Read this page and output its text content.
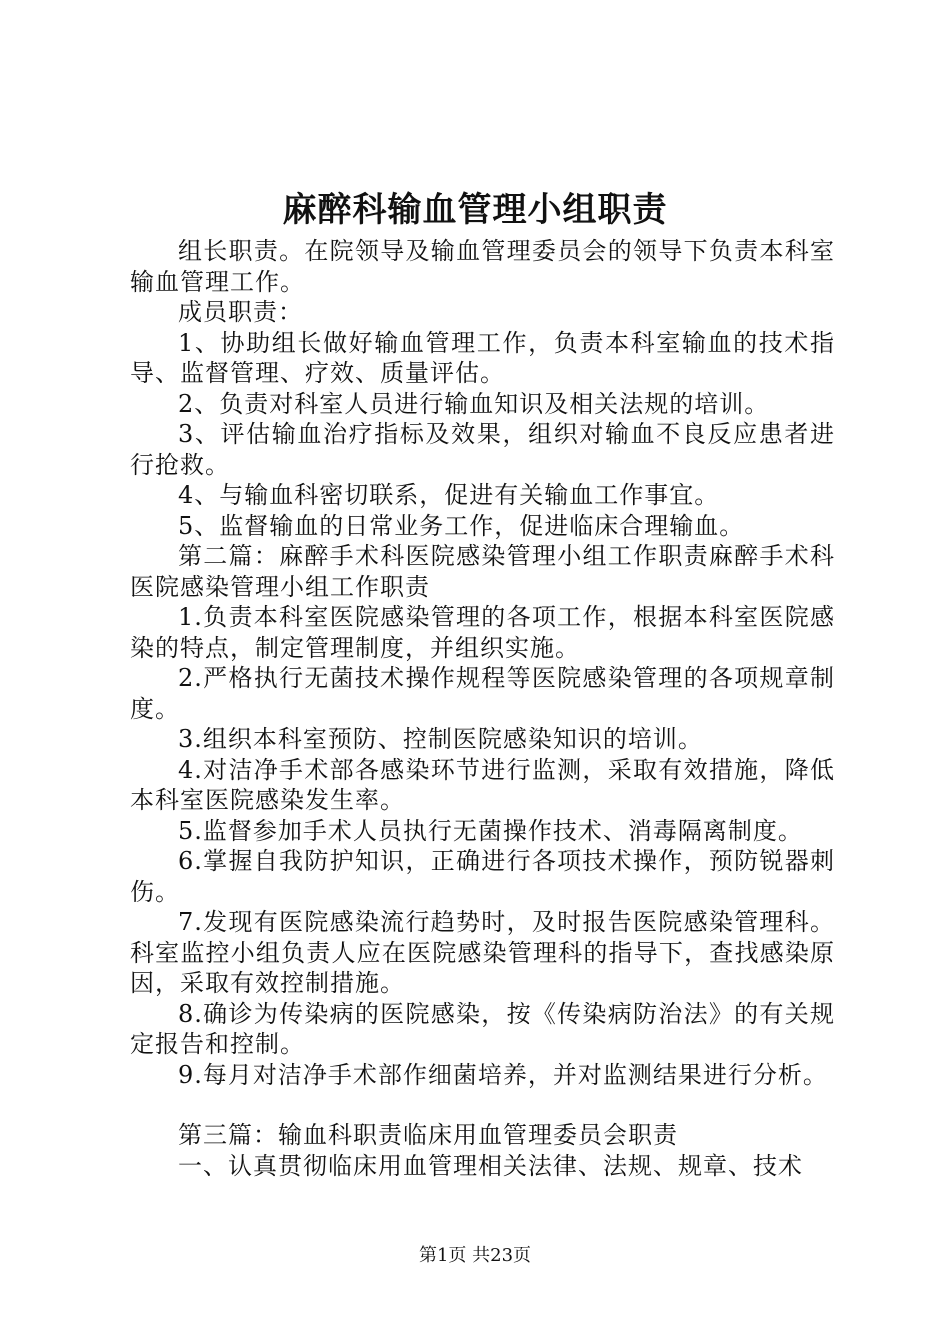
麻醉科输血管理小组职责

组长职责。在院领导及输血管理委员会的领导下负责本科室输血管理工作。

成员职责：

1、协助组长做好输血管理工作，负责本科室输血的技术指导、监督管理、疗效、质量评估。

2、负责对科室人员进行输血知识及相关法规的培训。

3、评估输血治疗指标及效果，组织对输血不良反应患者进行抢救。

4、与输血科密切联系，促进有关输血工作事宜。

5、监督输血的日常业务工作，促进临床合理输血。

第二篇：麻醉手术科医院感染管理小组工作职责麻醉手术科医院感染管理小组工作职责

1.负责本科室医院感染管理的各项工作，根据本科室医院感染的特点，制定管理制度，并组织实施。

2.严格执行无菌技术操作规程等医院感染管理的各项规章制度。

3.组织本科室预防、控制医院感染知识的培训。

4.对洁净手术部各感染环节进行监测，采取有效措施，降低本科室医院感染发生率。

5.监督参加手术人员执行无菌操作技术、消毒隔离制度。

6.掌握自我防护知识，正确进行各项技术操作，预防锐器刺伤。

7.发现有医院感染流行趋势时，及时报告医院感染管理科。科室监控小组负责人应在医院感染管理科的指导下，查找感染原因，采取有效控制措施。

8.确诊为传染病的医院感染，按《传染病防治法》的有关规定报告和控制。

9.每月对洁净手术部作细菌培养，并对监测结果进行分析。

第三篇：输血科职责临床用血管理委员会职责

一、认真贯彻临床用血管理相关法律、法规、规章、技术

第1页 共23页
